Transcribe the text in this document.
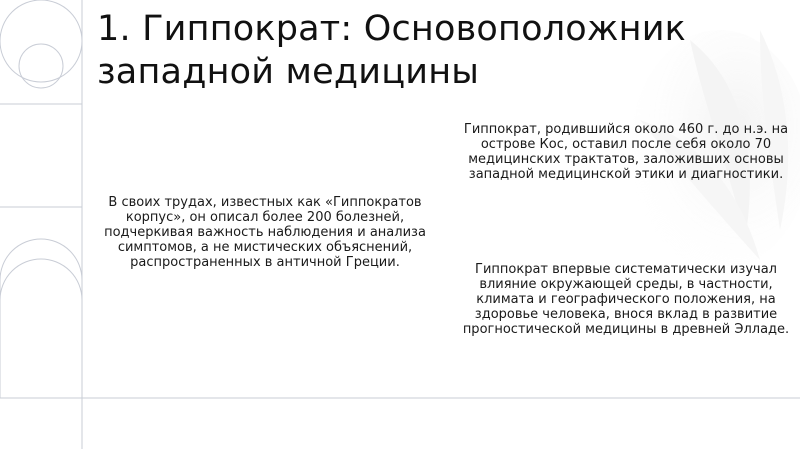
1. Гиппократ: Основоположник
западной медицины

В своих трудах, известных как «Гиппократов корпус», он описал более 200 болезней, подчеркивая важность наблюдения и анализа симптомов, а не мистических объяснений, распространенных в античной Греции.

Гиппократ, родившийся около 460 г. до н.э. на острове Кос, оставил после себя около 70 медицинских трактатов, заложивших основы западной медицинской этики и диагностики.

Гиппократ впервые систематически изучал влияние окружающей среды, в частности, климата и географического положения, на здоровье человека, внося вклад в развитие прогностической медицины в древней Элладе.
